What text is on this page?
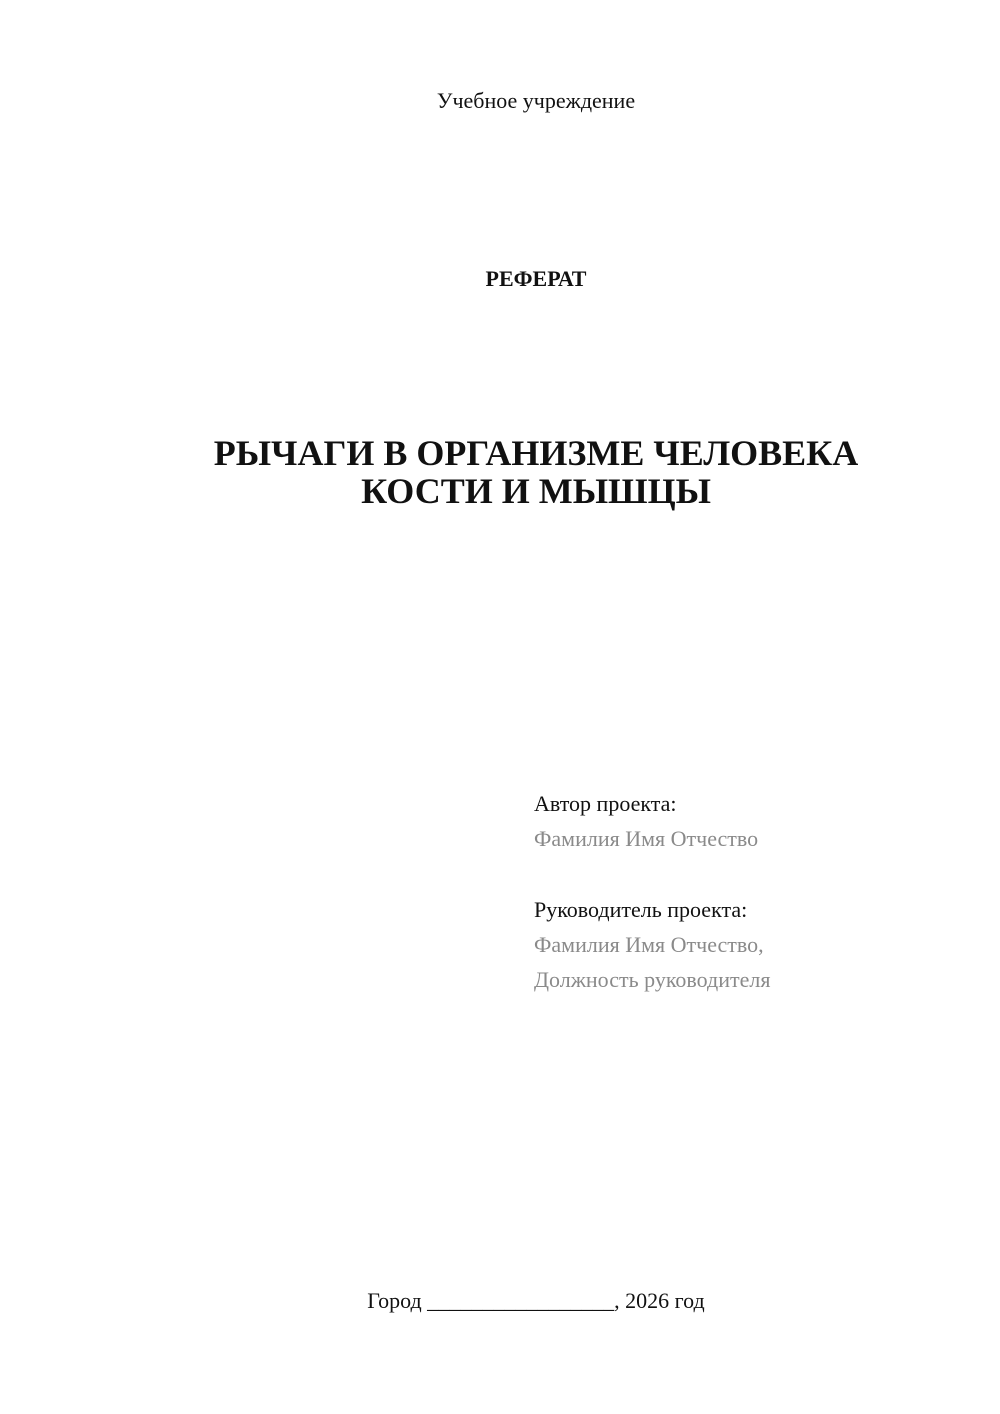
Учебное учреждение
РЕФЕРАТ
РЫЧАГИ В ОРГАНИЗМЕ ЧЕЛОВЕКА
КОСТИ И МЫШЦЫ
Автор проекта:
Фамилия Имя Отчество
Руководитель проекта:
Фамилия Имя Отчество,
Должность руководителя
Город _________________, 2026 год
